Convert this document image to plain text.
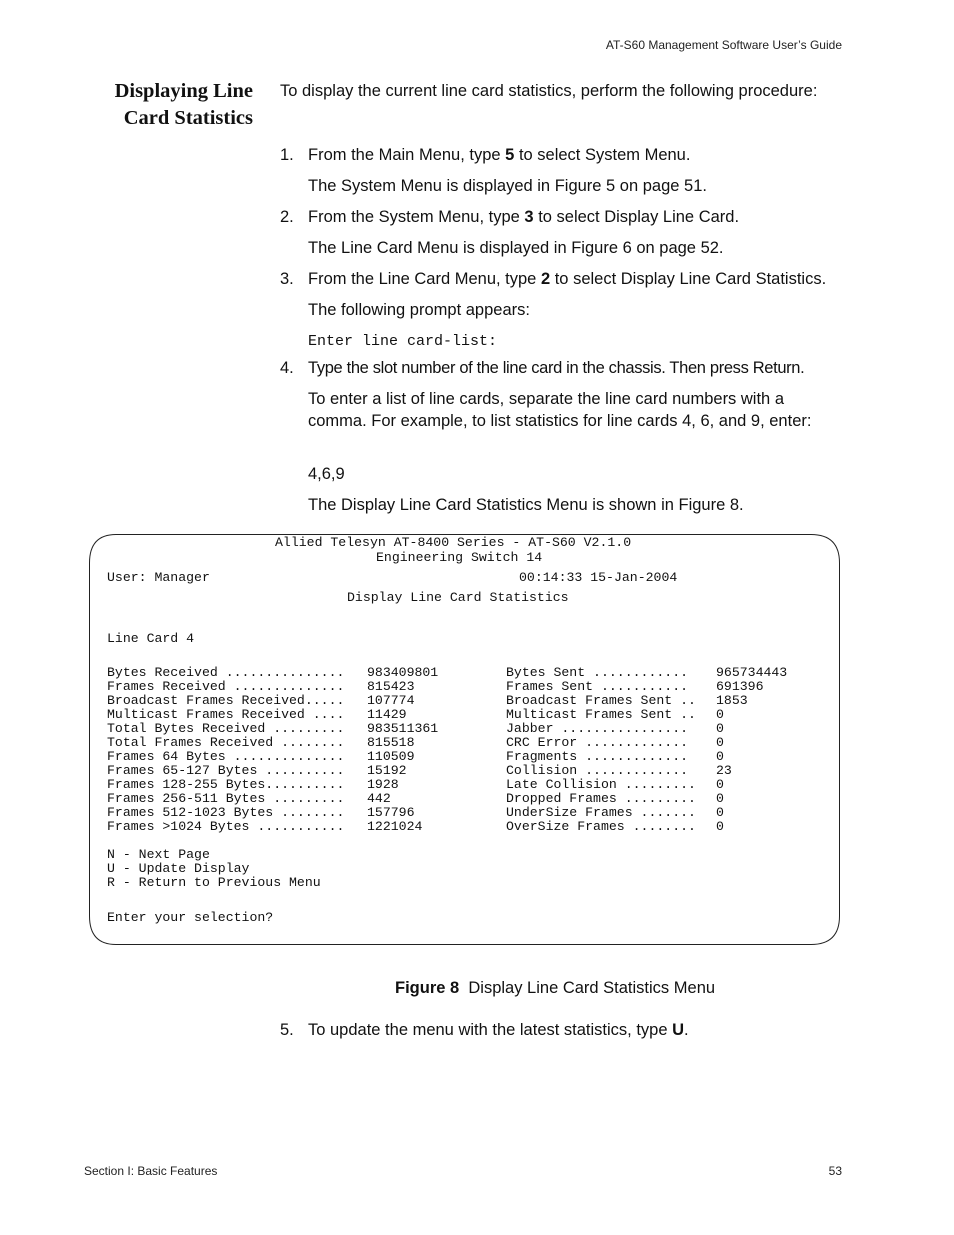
AT-S60 Management Software User’s Guide
Displaying Line
Card Statistics
To display the current line card statistics, perform the following procedure:
1. From the Main Menu, type 5 to select System Menu.
The System Menu is displayed in Figure 5 on page 51.
2. From the System Menu, type 3 to select Display Line Card.
The Line Card Menu is displayed in Figure 6 on page 52.
3. From the Line Card Menu, type 2 to select Display Line Card Statistics.
The following prompt appears:
Enter line card-list:
4. Type the slot number of the line card in the chassis. Then press Return.
To enter a list of line cards, separate the line card numbers with a comma. For example, to list statistics for line cards 4, 6, and 9, enter:
4,6,9
The Display Line Card Statistics Menu is shown in Figure 8.
Allied Telesyn AT-8400 Series - AT-S60 V2.1.0
Engineering Switch 14
User: Manager	00:14:33 15-Jan-2004
Display Line Card Statistics
Line Card 4
Bytes Received ............... 983409801
Frames Received .............. 815423
Broadcast Frames Received..... 107774
Multicast Frames Received .... 11429
Total Bytes Received ......... 983511361
Total Frames Received ........ 815518
Frames 64 Bytes .............. 110509
Frames 65-127 Bytes .......... 15192
Frames 128-255 Bytes.......... 1928
Frames 256-511 Bytes ......... 442
Frames 512-1023 Bytes ........ 157796
Frames >1024 Bytes ........... 1221024
Bytes Sent ............ 965734443
Frames Sent ........... 691396
Broadcast Frames Sent .. 1853
Multicast Frames Sent .. 0
Jabber ................ 0
CRC Error ............. 0
Fragments ............. 0
Collision ............. 23
Late Collision ......... 0
Dropped Frames ......... 0
UnderSize Frames ....... 0
OverSize Frames ........ 0
N - Next Page
U - Update Display
R - Return to Previous Menu
Enter your selection?
Figure 8 Display Line Card Statistics Menu
5. To update the menu with the latest statistics, type U.
Section I: Basic Features	53
